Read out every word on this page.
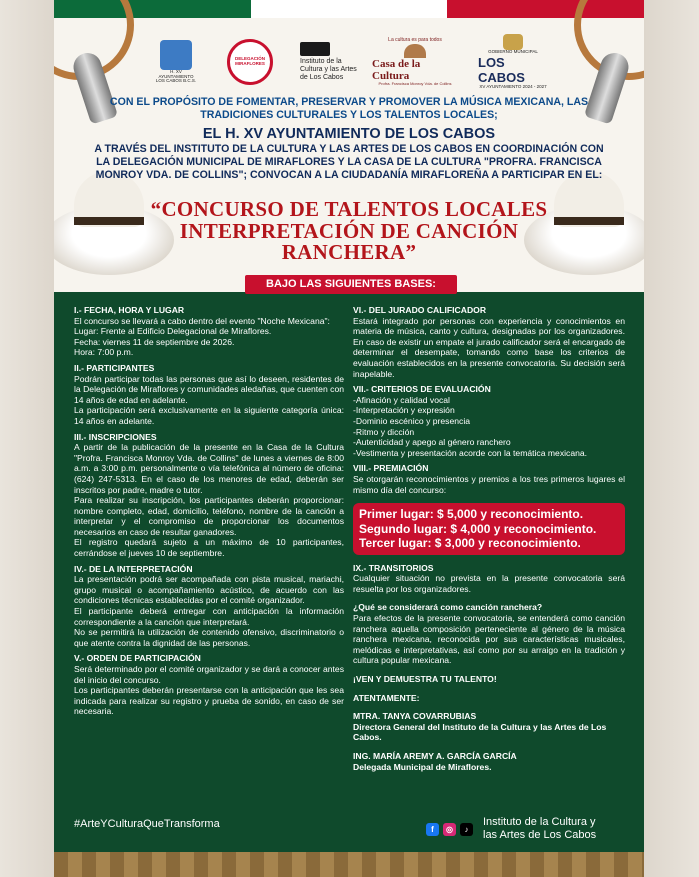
H. XV AYUNTAMIENTO LOS CABOS B.C.S.
DELEGACIÓN MIRAFLORES	Instituto de la Cultura y las Artes de Los Cabos
La cultura es para todos
Casa de la Cultura
Profra. Francisca Monroy Vda. de Collins
GOBIERNO MUNICIPAL
LOS CABOS
XV AYUNTAMIENTO 2024 - 2027
CON EL PROPÓSITO DE FOMENTAR, PRESERVAR Y PROMOVER LA MÚSICA MEXICANA, LAS TRADICIONES CULTURALES Y LOS TALENTOS LOCALES;
EL H. XV AYUNTAMIENTO DE LOS CABOS
A TRAVÉS DEL INSTITUTO DE LA CULTURA Y LAS ARTES DE LOS CABOS EN COORDINACIÓN CON LA DELEGACIÓN MUNICIPAL DE MIRAFLORES Y LA CASA DE LA CULTURA "PROFRA. FRANCISCA MONROY VDA. DE COLLINS"; CONVOCAN A LA CIUDADANÍA MIRAFLOREÑA A PARTICIPAR EN EL:
“CONCURSO DE TALENTOS LOCALES INTERPRETACIÓN DE CANCIÓN RANCHERA”
BAJO LAS SIGUIENTES BASES:
I.- FECHA, HORA Y LUGAR
El concurso se llevará a cabo dentro del evento "Noche Mexicana":
Lugar: Frente al Edificio Delegacional de Miraflores.
Fecha: viernes 11 de septiembre de 2026.
Hora: 7:00 p.m.
II.- PARTICIPANTES
Podrán participar todas las personas que así lo deseen, residentes de la Delegación de Miraflores y comunidades aledañas, que cuenten con 14 años de edad en adelante.
La participación será exclusivamente en la siguiente categoría única: 14 años en adelante.
III.- INSCRIPCIONES
A partir de la publicación de la presente en la Casa de la Cultura "Profra. Francisca Monroy Vda. de Collins" de lunes a viernes de 8:00 a.m. a 3:00 p.m. personalmente o vía telefónica al número de oficina: (624) 247-5313. En el caso de los menores de edad, deberán ser inscritos por padre, madre o tutor.
Para realizar su inscripción, los participantes deberán proporcionar: nombre completo, edad, domicilio, teléfono, nombre de la canción a interpretar y el compromiso de proporcionar los documentos necesarios en caso de resultar ganadores.
El registro quedará sujeto a un máximo de 10 participantes, cerrándose el jueves 10 de septiembre.
IV.- DE LA INTERPRETACIÓN
La presentación podrá ser acompañada con pista musical, mariachi, grupo musical o acompañamiento acústico, de acuerdo con las condiciones técnicas establecidas por el comité organizador.
El participante deberá entregar con anticipación la información correspondiente a la canción que interpretará.
No se permitirá la utilización de contenido ofensivo, discriminatorio o que atente contra la dignidad de las personas.
V.- ORDEN DE PARTICIPACIÓN
Será determinado por el comité organizador y se dará a conocer antes del inicio del concurso.
Los participantes deberán presentarse con la anticipación que les sea indicada para realizar su registro y prueba de sonido, en caso de ser necesaria.
VI.- DEL JURADO CALIFICADOR
Estará integrado por personas con experiencia y conocimientos en materia de música, canto y cultura, designadas por los organizadores. En caso de existir un empate el jurado calificador será el encargado de determinar el desempate, tomando como base los criterios de evaluación establecidos en la presente convocatoria. Su decisión será inapelable.
VII.- CRITERIOS DE EVALUACIÓN
-Afinación y calidad vocal
-Interpretación y expresión
-Dominio escénico y presencia
-Ritmo y dicción
-Autenticidad y apego al género ranchero
-Vestimenta y presentación acorde con la temática mexicana.
VIII.- PREMIACIÓN
Se otorgarán reconocimientos y premios a los tres primeros lugares el mismo día del concurso:
Primer lugar: $ 5,000 y reconocimiento.
Segundo lugar: $ 4,000 y reconocimiento.
Tercer lugar: $ 3,000 y reconocimiento.
IX.- TRANSITORIOS
Cualquier situación no prevista en la presente convocatoria será resuelta por los organizadores.
¿Qué se considerará como canción ranchera?
Para efectos de la presente convocatoria, se entenderá como canción ranchera aquella composición perteneciente al género de la música ranchera mexicana, reconocida por sus características musicales, melódicas e interpretativas, así como por su arraigo en la tradición y cultura popular mexicana.
¡VEN Y DEMUESTRA TU TALENTO!
ATENTAMENTE:
MTRA. TANYA COVARRUBIAS
Directora General del Instituto de la Cultura y las Artes de Los Cabos.
ING. MARÍA AREMY A. GARCÍA GARCÍA
Delegada Municipal de Miraflores.
#ArteYCulturaQueTransforma	f	◎	♪
Instituto de la Cultura y
las Artes de Los Cabos
